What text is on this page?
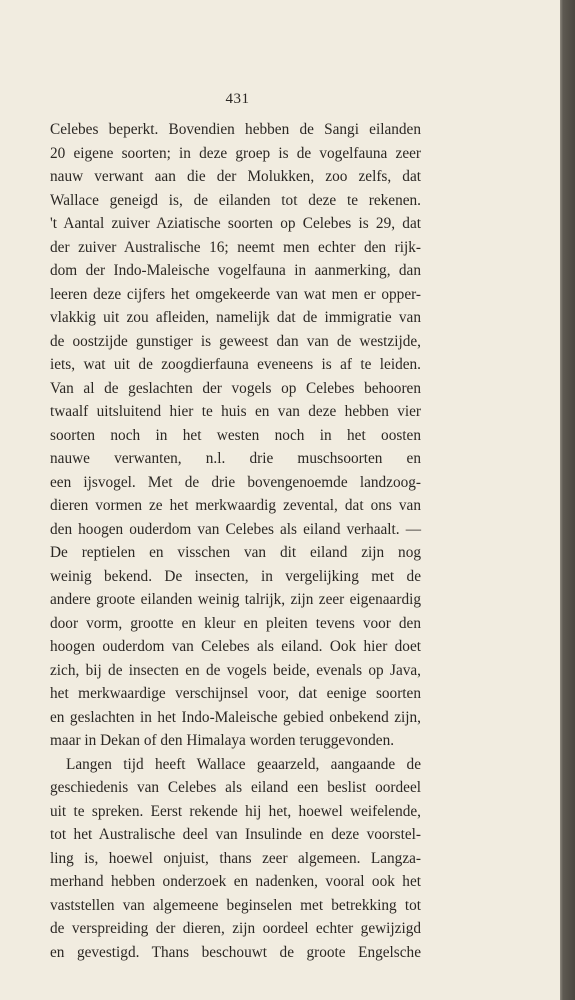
431
Celebes beperkt. Bovendien hebben de Sangi eilanden
20 eigene soorten; in deze groep is de vogelfauna zeer
nauw verwant aan die der Molukken, zoo zelfs, dat
Wallace geneigd is, de eilanden tot deze te rekenen.
't Aantal zuiver Aziatische soorten op Celebes is 29, dat
der zuiver Australische 16; neemt men echter den rijk-
dom der Indo-Maleische vogelfauna in aanmerking, dan
leeren deze cijfers het omgekeerde van wat men er opper-
vlakkig uit zou afleiden, namelijk dat de immigratie van
de oostzijde gunstiger is geweest dan van de westzijde,
iets, wat uit de zoogdierfauna eveneens is af te leiden.
Van al de geslachten der vogels op Celebes behooren
twaalf uitsluitend hier te huis en van deze hebben vier
soorten noch in het westen noch in het oosten
nauwe verwanten, n.l. drie muschsoorten en
een ijsvogel. Met de drie bovengenoemde landzoog-
dieren vormen ze het merkwaardig zevental, dat ons van
den hoogen ouderdom van Celebes als eiland verhaalt. —
De reptielen en visschen van dit eiland zijn nog
weinig bekend. De insecten, in vergelijking met de
andere groote eilanden weinig talrijk, zijn zeer eigenaardig
door vorm, grootte en kleur en pleiten tevens voor den
hoogen ouderdom van Celebes als eiland. Ook hier doet
zich, bij de insecten en de vogels beide, evenals op Java,
het merkwaardige verschijnsel voor, dat eenige soorten
en geslachten in het Indo-Maleische gebied onbekend zijn,
maar in Dekan of den Himalaya worden teruggevonden.
Langen tijd heeft Wallace geaarzeld, aangaande de
geschiedenis van Celebes als eiland een beslist oordeel
uit te spreken. Eerst rekende hij het, hoewel weifelende,
tot het Australische deel van Insulinde en deze voorstel-
ling is, hoewel onjuist, thans zeer algemeen. Langza-
merhand hebben onderzoek en nadenken, vooral ook het
vaststellen van algemeene beginselen met betrekking tot
de verspreiding der dieren, zijn oordeel echter gewijzigd
en gevestigd. Thans beschouwt de groote Engelsche
